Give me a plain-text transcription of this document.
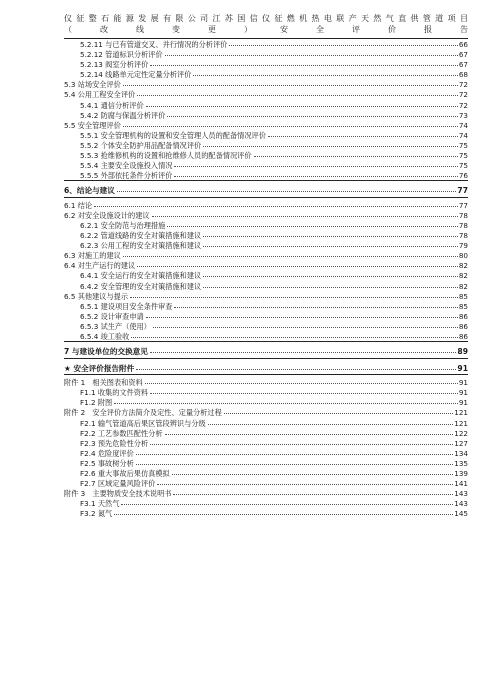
仪 征 整 石 能 源 发 展 有 限 公 司 江 苏 国 信 仪 征 燃 机 热 电 联 产 天 然 气 直 供 管 道 项 目
（	改	线	变	更	）	安	全	评	价	报	告
5.2.11 与已有管道交叉、并行情况的分析评价	66
5.2.12 管道标识分析评价	67
5.2.13 阀室分析评价	67
5.2.14 线路单元定性定量分析评价	68
5.3 站场安全评价	72
5.4 公用工程安全评价	72
5.4.1 通信分析评价	72
5.4.2 防腐与保温分析评价	73
5.5 安全管理评价	74
5.5.1 安全管理机构的设置和安全管理人员的配备情况评价	74
5.5.2 个体安全防护用品配备情况评价	75
5.5.3 抢维修机构的设置和抢维修人员的配备情况评价	75
5.5.4 主要安全设施投入情况	75
5.5.5 外部依托条件分析评价	76
6、结论与建议	77
6.1 结论	77
6.2 对安全设施设计的建议	78
6.2.1 安全防范与治理措施	78
6.2.2 管道线路的安全对策措施和建议	78
6.2.3 公用工程的安全对策措施和建议	79
6.3 对施工的建议	80
6.4 对生产运行的建议	82
6.4.1 安全运行的安全对策措施和建议	82
6.4.2 安全管理的安全对策措施和建议	82
6.5 其他建议与提示	85
6.5.1 建设项目安全条件审查	85
6.5.2 设计审查申请	86
6.5.3 试生产（使用）	86
6.5.4 竣工验收	86
7 与建设单位的交换意见	89
★ 安全评价报告附件	91
附件 1　相关图表和资料	91
F1.1 收集的文件资料	91
F1.2 附图	91
附件 2　安全评价方法简介及定性、定量分析过程	121
F2.1 输气管道高后果区管段辨识与分级	121
F2.2 工艺参数匹配性分析	122
F2.3 预先危险性分析	127
F2.4 危险度评价	134
F2.5 事故树分析	135
F2.6 重大事故后果仿真模拟	139
F2.7 区域定量风险评价	141
附件 3　主要物质安全技术说明书	143
F3.1 天然气	143
F3.2 氮气	145
